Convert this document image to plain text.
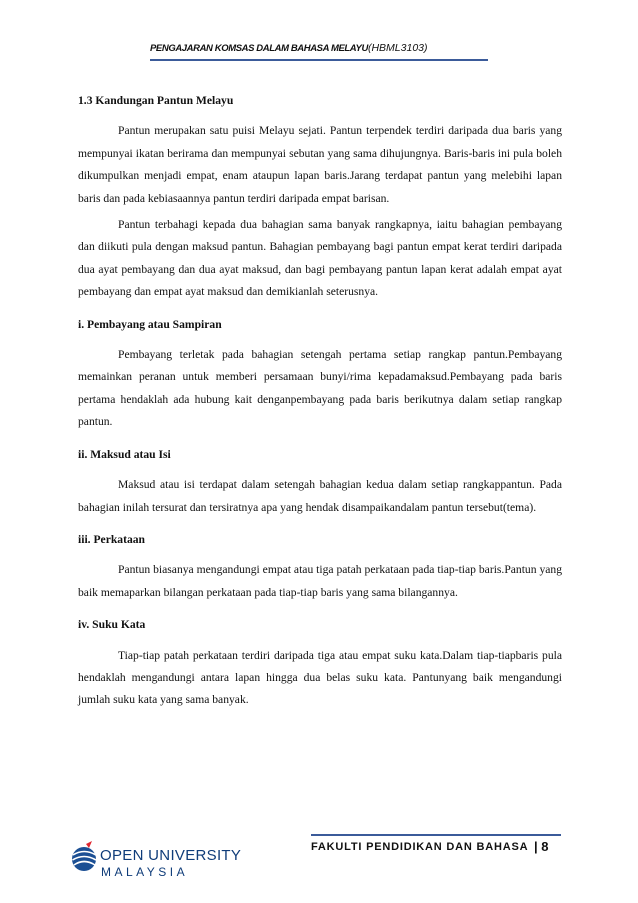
PENGAJARAN KOMSAS DALAM BAHASA MELAYU(HBML3103)
1.3 Kandungan Pantun Melayu

Pantun merupakan satu puisi Melayu sejati. Pantun terpendek terdiri daripada dua baris yang mempunyai ikatan berirama dan mempunyai sebutan yang sama dihujungnya. Baris-baris ini pula boleh dikumpulkan menjadi empat, enam ataupun lapan baris.Jarang terdapat pantun yang melebihi lapan baris dan pada kebiasaannya pantun terdiri daripada empat barisan.

Pantun terbahagi kepada dua bahagian sama banyak rangkapnya, iaitu bahagian pembayang dan diikuti pula dengan maksud pantun. Bahagian pembayang bagi pantun empat kerat terdiri daripada dua ayat pembayang dan dua ayat maksud, dan bagi pembayang pantun lapan kerat adalah empat ayat pembayang dan empat ayat maksud dan demikianlah seterusnya.

i. Pembayang atau Sampiran

Pembayang terletak pada bahagian setengah pertama setiap rangkap pantun.Pembayang memainkan peranan untuk memberi persamaan bunyi/rima kepadamaksud.Pembayang pada baris pertama hendaklah ada hubung kait denganpembayang pada baris berikutnya dalam setiap rangkap pantun.

ii. Maksud atau Isi

Maksud atau isi terdapat dalam setengah bahagian kedua dalam setiap rangkappantun. Pada bahagian inilah tersurat dan tersiratnya apa yang hendak disampaikandalam pantun tersebut(tema).

iii. Perkataan

Pantun biasanya mengandungi empat atau tiga patah perkataan pada tiap-tiap baris.Pantun yang baik memaparkan bilangan perkataan pada tiap-tiap baris yang sama bilangannya.

iv. Suku Kata

Tiap-tiap patah perkataan terdiri daripada tiga atau empat suku kata.Dalam tiap-tiapbaris pula hendaklah mengandungi antara lapan hingga dua belas suku kata. Pantunyang baik mengandungi jumlah suku kata yang sama banyak.

OPEN UNIVERSITY
MALAYSIA
FAKULTI PENDIDIKAN DAN BAHASA | 8
